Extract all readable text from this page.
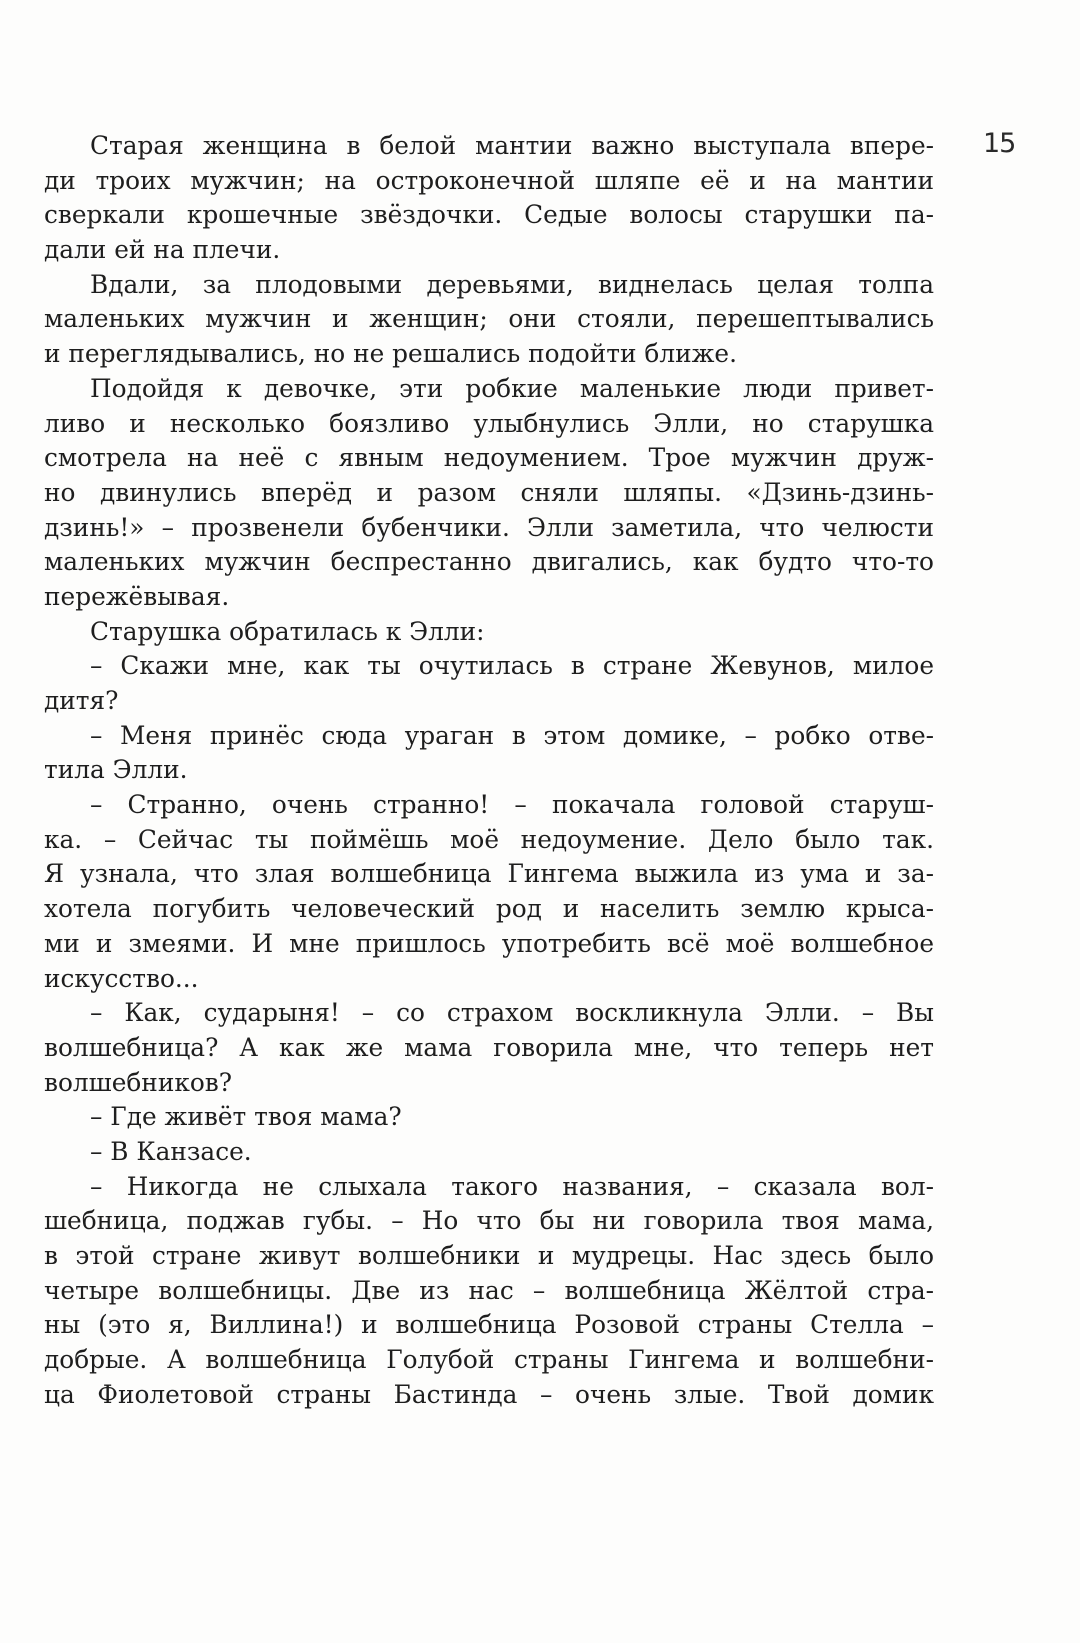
15
Старая женщина в белой мантии важно выступала впере-
ди троих мужчин; на остроконечной шляпе её и на мантии
сверкали крошечные звёздочки. Седые волосы старушки па-
дали ей на плечи.
Вдали, за плодовыми деревьями, виднелась целая толпа
маленьких мужчин и женщин; они стояли, перешептывались
и переглядывались, но не решались подойти ближе.
Подойдя к девочке, эти робкие маленькие люди привет-
ливо и несколько боязливо улыбнулись Элли, но старушка
смотрела на неё с явным недоумением. Трое мужчин друж-
но двинулись вперёд и разом сняли шляпы. «Дзинь-дзинь-
дзинь!» – прозвенели бубенчики. Элли заметила, что челюсти
маленьких мужчин беспрестанно двигались, как будто что-то
пережёвывая.
Старушка обратилась к Элли:
– Скажи мне, как ты очутилась в стране Жевунов, милое
дитя?
– Меня принёс сюда ураган в этом домике, – робко отве-
тила Элли.
– Странно, очень странно! – покачала головой старуш-
ка. – Сейчас ты поймёшь моё недоумение. Дело было так.
Я узнала, что злая волшебница Гингема выжила из ума и за-
хотела погубить человеческий род и населить землю крыса-
ми и змеями. И мне пришлось употребить всё моё волшебное
искусство...
– Как, сударыня! – со страхом воскликнула Элли. – Вы
волшебница? А как же мама говорила мне, что теперь нет
волшебников?
– Где живёт твоя мама?
– В Канзасе.
– Никогда не слыхала такого названия, – сказала вол-
шебница, поджав губы. – Но что бы ни говорила твоя мама,
в этой стране живут волшебники и мудрецы. Нас здесь было
четыре волшебницы. Две из нас – волшебница Жёлтой стра-
ны (это я, Виллина!) и волшебница Розовой страны Стелла –
добрые. А волшебница Голубой страны Гингема и волшебни-
ца Фиолетовой страны Бастинда – очень злые. Твой домик
